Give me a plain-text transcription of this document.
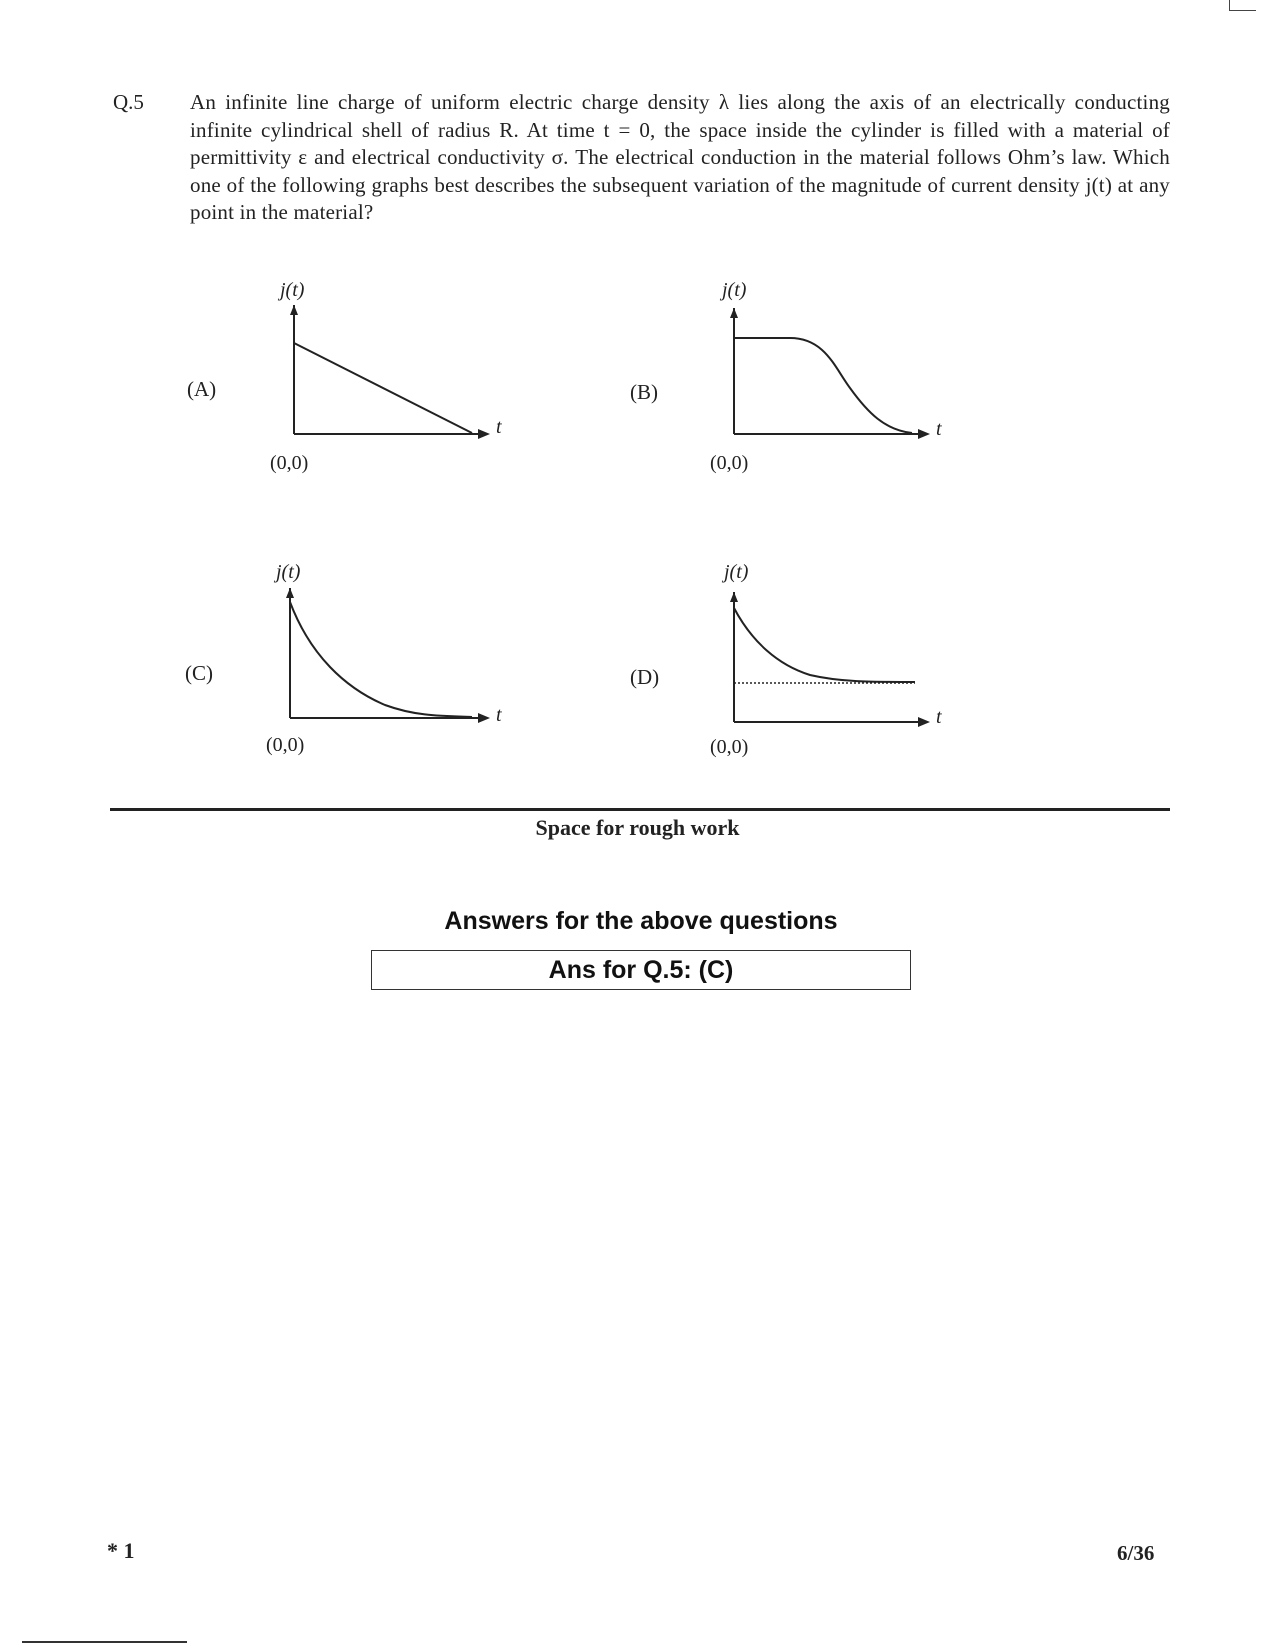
Q.5 An infinite line charge of uniform electric charge density λ lies along the axis of an electrically conducting infinite cylindrical shell of radius R. At time t = 0, the space inside the cylinder is filled with a material of permittivity ε and electrical conductivity σ. The electrical conduction in the material follows Ohm’s law. Which one of the following graphs best describes the subsequent variation of the magnitude of current density j(t) at any point in the material?
(A)
j(t)
t
(0,0)
(B)
j(t)
t
(0,0)
(C)
j(t)
t
(0,0)
(D)
j(t)
t
(0,0)
Space for rough work
Answers for the above questions
Ans for Q.5: (C)
* 1	6/36
